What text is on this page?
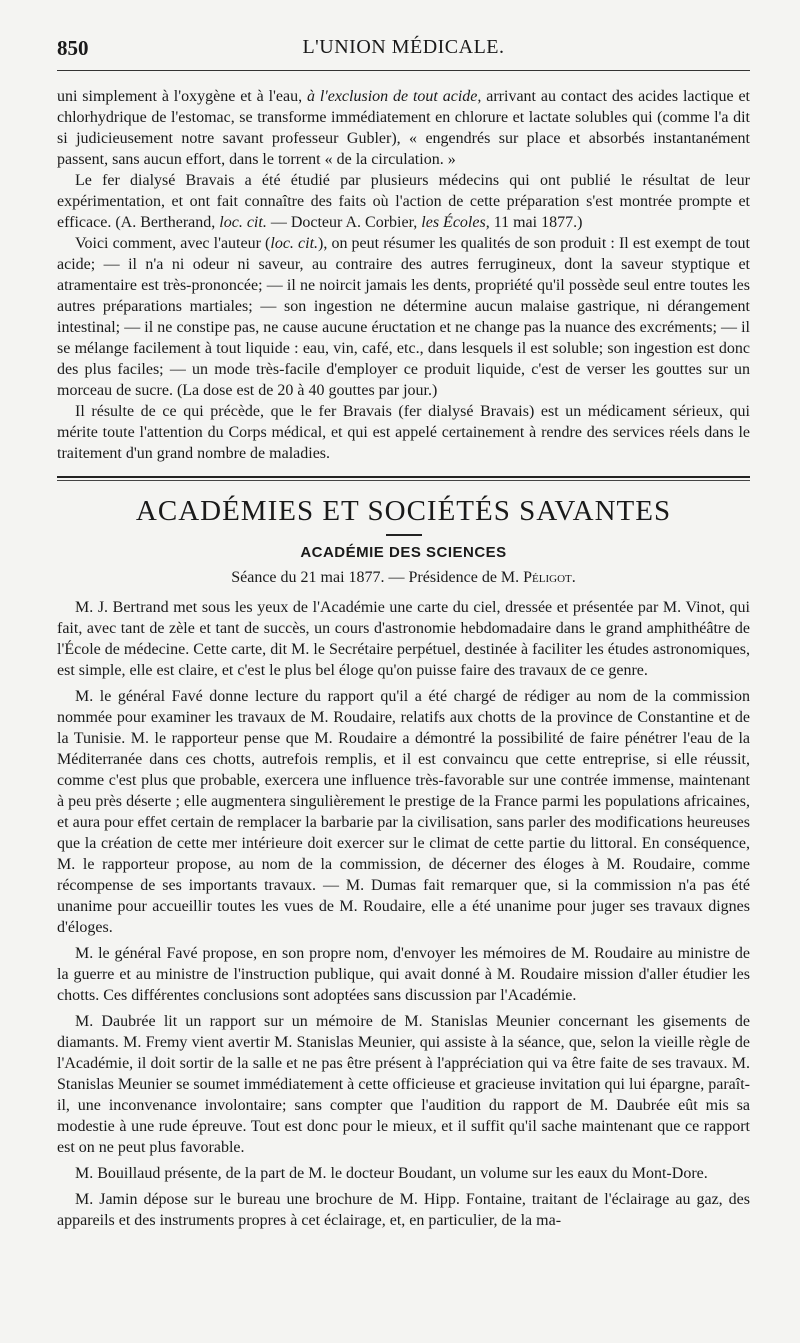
850	L'UNION MÉDICALE.

uni simplement à l'oxygène et à l'eau, à l'exclusion de tout acide, arrivant au contact des acides lactique et chlorhydrique de l'estomac, se transforme immédiatement en chlorure et lactate solubles qui (comme l'a dit si judicieusement notre savant professeur Gubler), « engendrés sur place et absorbés instantanément passent, sans aucun effort, dans le torrent « de la circulation. »

Le fer dialysé Bravais a été étudié par plusieurs médecins qui ont publié le résultat de leur expérimentation, et ont fait connaître des faits où l'action de cette préparation s'est montrée prompte et efficace. (A. Bertherand, loc. cit. — Docteur A. Corbier, les Écoles, 11 mai 1877.)

Voici comment, avec l'auteur (loc. cit.), on peut résumer les qualités de son produit : Il est exempt de tout acide; — il n'a ni odeur ni saveur, au contraire des autres ferrugineux, dont la saveur styptique et atramentaire est très-prononcée; — il ne noircit jamais les dents, propriété qu'il possède seul entre toutes les autres préparations martiales; — son ingestion ne détermine aucun malaise gastrique, ni dérangement intestinal; — il ne constipe pas, ne cause aucune éructation et ne change pas la nuance des excréments; — il se mélange facilement à tout liquide : eau, vin, café, etc., dans lesquels il est soluble; son ingestion est donc des plus faciles; — un mode très-facile d'employer ce produit liquide, c'est de verser les gouttes sur un morceau de sucre. (La dose est de 20 à 40 gouttes par jour.)

Il résulte de ce qui précède, que le fer Bravais (fer dialysé Bravais) est un médicament sérieux, qui mérite toute l'attention du Corps médical, et qui est appelé certainement à rendre des services réels dans le traitement d'un grand nombre de maladies.

ACADÉMIES ET SOCIÉTÉS SAVANTES
ACADÉMIE DES SCIENCES
Séance du 21 mai 1877. — Présidence de M. Péligot.

M. J. Bertrand met sous les yeux de l'Académie une carte du ciel, dressée et présentée par M. Vinot, qui fait, avec tant de zèle et tant de succès, un cours d'astronomie hebdomadaire dans le grand amphithéâtre de l'École de médecine. Cette carte, dit M. le Secrétaire perpétuel, destinée à faciliter les études astronomiques, est simple, elle est claire, et c'est le plus bel éloge qu'on puisse faire des travaux de ce genre.

M. le général Favé donne lecture du rapport qu'il a été chargé de rédiger au nom de la commission nommée pour examiner les travaux de M. Roudaire, relatifs aux chotts de la province de Constantine et de la Tunisie. M. le rapporteur pense que M. Roudaire a démontré la possibilité de faire pénétrer l'eau de la Méditerranée dans ces chotts, autrefois remplis, et il est convaincu que cette entreprise, si elle réussit, comme c'est plus que probable, exercera une influence très-favorable sur une contrée immense, maintenant à peu près déserte ; elle augmentera singulièrement le prestige de la France parmi les populations africaines, et aura pour effet certain de remplacer la barbarie par la civilisation, sans parler des modifications heureuses que la création de cette mer intérieure doit exercer sur le climat de cette partie du littoral. En conséquence, M. le rapporteur propose, au nom de la commission, de décerner des éloges à M. Roudaire, comme récompense de ses importants travaux. — M. Dumas fait remarquer que, si la commission n'a pas été unanime pour accueillir toutes les vues de M. Roudaire, elle a été unanime pour juger ses travaux dignes d'éloges.

M. le général Favé propose, en son propre nom, d'envoyer les mémoires de M. Roudaire au ministre de la guerre et au ministre de l'instruction publique, qui avait donné à M. Roudaire mission d'aller étudier les chotts. Ces différentes conclusions sont adoptées sans discussion par l'Académie.

M. Daubrée lit un rapport sur un mémoire de M. Stanislas Meunier concernant les gisements de diamants. M. Fremy vient avertir M. Stanislas Meunier, qui assiste à la séance, que, selon la vieille règle de l'Académie, il doit sortir de la salle et ne pas être présent à l'appréciation qui va être faite de ses travaux. M. Stanislas Meunier se soumet immédiatement à cette officieuse et gracieuse invitation qui lui épargne, paraît-il, une inconvenance involontaire; sans compter que l'audition du rapport de M. Daubrée eût mis sa modestie à une rude épreuve. Tout est donc pour le mieux, et il suffit qu'il sache maintenant que ce rapport est on ne peut plus favorable.

M. Bouillaud présente, de la part de M. le docteur Boudant, un volume sur les eaux du Mont-Dore.

M. Jamin dépose sur le bureau une brochure de M. Hipp. Fontaine, traitant de l'éclairage au gaz, des appareils et des instruments propres à cet éclairage, et, en particulier, de la ma-
